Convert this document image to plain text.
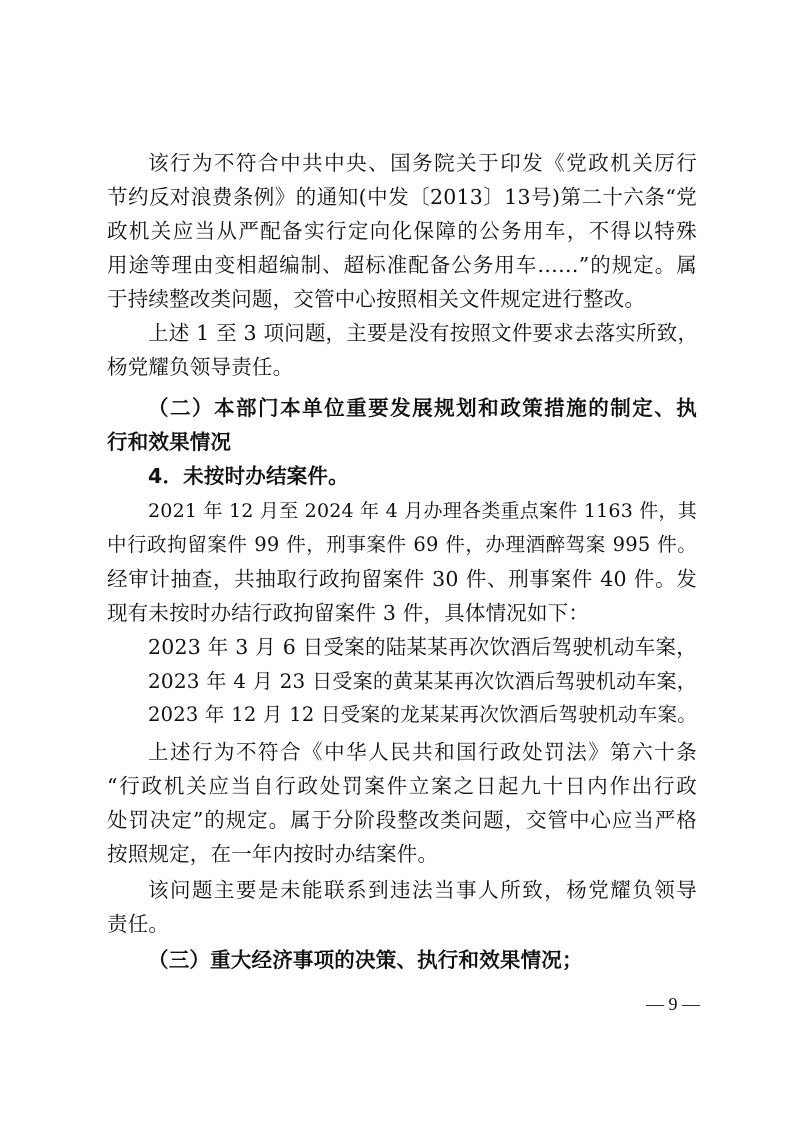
该行为不符合中共中央、国务院关于印发《党政机关厉行
节约反对浪费条例》的通知(中发〔2013〕13号)第二十六条“党
政机关应当从严配备实行定向化保障的公务用车，不得以特殊
用途等理由变相超编制、超标准配备公务用车……”的规定。属
于持续整改类问题，交管中心按照相关文件规定进行整改。
上述 1 至 3 项问题，主要是没有按照文件要求去落实所致，
杨党耀负领导责任。
（二）本部门本单位重要发展规划和政策措施的制定、执
行和效果情况
4．未按时办结案件。
2021 年 12 月至 2024 年 4 月办理各类重点案件 1163 件，其
中行政拘留案件 99 件，刑事案件 69 件，办理酒醉驾案 995 件。
经审计抽查，共抽取行政拘留案件 30 件、刑事案件 40 件。发
现有未按时办结行政拘留案件 3 件，具体情况如下：
2023 年 3 月 6 日受案的陆某某再次饮酒后驾驶机动车案，
2023 年 4 月 23 日受案的黄某某再次饮酒后驾驶机动车案，
2023 年 12 月 12 日受案的龙某某再次饮酒后驾驶机动车案。
上述行为不符合《中华人民共和国行政处罚法》第六十条
“行政机关应当自行政处罚案件立案之日起九十日内作出行政
处罚决定”的规定。属于分阶段整改类问题，交管中心应当严格
按照规定，在一年内按时办结案件。
该问题主要是未能联系到违法当事人所致，杨党耀负领导
责任。
（三）重大经济事项的决策、执行和效果情况；
— 9 —
